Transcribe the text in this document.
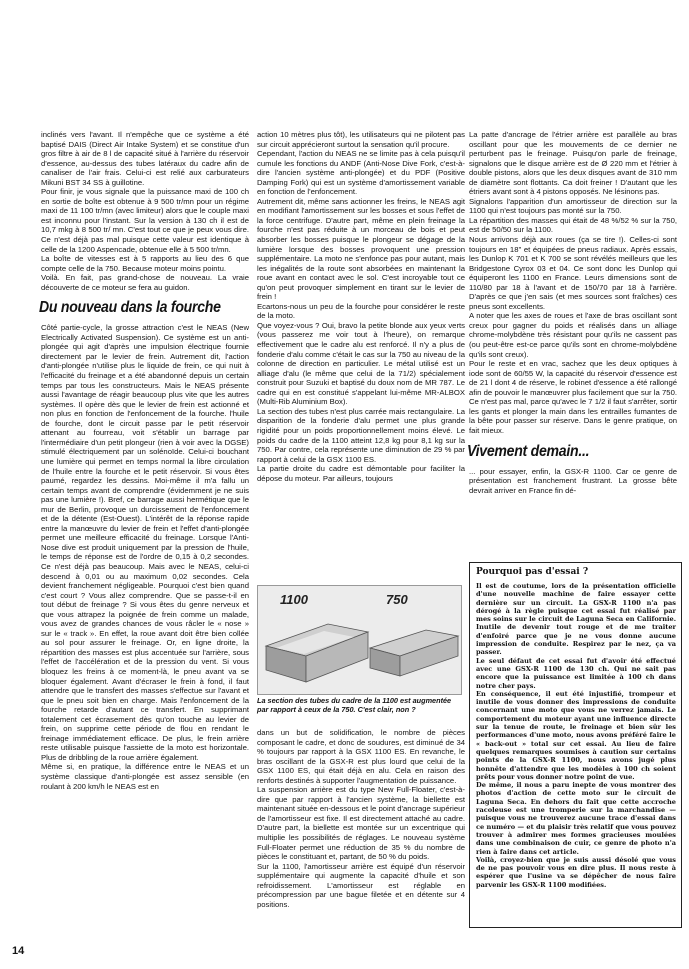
inclinés vers l'avant. Il n'empêche que ce système a été baptisé DAIS (Direct Air Intake System) et se constitue d'un gros filtre à air de 8 l de capacité situé à l'arrière du réservoir d'essence, au-dessus des tubes latéraux du cadre afin de canaliser de l'air frais. Celui-ci est relié aux carburateurs Mikuni BST 34 SS à guillotine.

Pour finir, je vous signale que la puissance maxi de 100 ch en sortie de boîte est obtenue à 9 500 tr/mn pour un régime maxi de 11 100 tr/mn (avec limiteur) alors que le couple maxi est inconnu pour l'instant. Sur la version à 130 ch il est de 10,7 mkg à 8 500 tr/ mn. C'est tout ce que je peux vous dire. Ce n'est déjà pas mal puisque cette valeur est identique à celle de la 1200 Aspencade, obtenue elle à 5 500 tr/mn.

La boîte de vitesses est à 5 rapports au lieu des 6 que compte celle de la 750. Because moteur moins pointu.

Voilà. En fait, pas grand-chose de nouveau. La vraie découverte de ce moteur se fera au guidon.

Du nouveau dans la fourche

Côté partie-cycle, la grosse attraction c'est le NEAS (New Electrically Activated Suspension). Ce système est un anti-plongée qui agit d'après une impulsion électrique fournie directement par le levier de frein. Autrement dit, l'action d'anti-plongée n'utilise plus le liquide de frein, ce qui nuit à l'efficacité du freinage et a été abandonné depuis un certain temps par tous les constructeurs. Mais le NEAS présente aussi l'avantage de réagir beaucoup plus vite que les autres systèmes. Il opère dès que le levier de frein est actionné et non plus en fonction de l'enfoncement de la fourche. l'huile de fourche, dont le circuit passe par le petit réservoir attenant au fourreau, voit s'établir un barrage par l'intermédiaire d'un petit plongeur (rien à voir avec la DGSE) stimulé électriquement par un solénoïde. Celui-ci bouchant une lumière qui permet en temps normal la libre circulation de l'huile entre la fourche et le petit réservoir. Si vous êtes paumé, regardez les dessins. Moi-même il m'a fallu un certain temps avant de comprendre (évidemment je ne suis pas une lumière !). Bref, ce barrage aussi hermétique que le mur de Berlin, provoque un durcissement de l'enfoncement et de la détente (Est-Ouest). L'intérêt de la réponse rapide entre la manœuvre du levier de frein et l'effet d'anti-plongée permet une meilleure efficacité du freinage. Lorsque l'Anti-Nose dive est produit uniquement par la pression de l'huile, le temps de réponse est de l'ordre de 0,15 à 0,2 secondes. Ce n'est déjà pas beaucoup. Mais avec le NEAS, celui-ci descend à 0,01 ou au maximum 0,02 secondes. Cela devient franchement négligeable. Pourquoi c'est bien quand c'est court ? Vous allez comprendre. Que se passe-t-il en tout début de freinage ? Si vous êtes du genre nerveux et que vous attrapez la poignée de frein comme un malade, vous avez de grandes chances de vous râcler le « nose » sur le « track ». En effet, la roue avant doit être bien collée au sol pour assurer le freinage. Or, en ligne droite, la répartition des masses est plus accentuée sur l'arrière, sous l'effet de l'accélération et de la pression du vent. Si vous bloquez les freins à ce moment-là, le pneu avant va se bloquer également. Avant d'écraser le frein à fond, il faut attendre que le transfert des masses s'effectue sur l'avant et que le pneu soit bien en charge. Mais l'enfoncement de la fourche retarde d'autant ce transfert. En supprimant totalement cet écrasement dès qu'on touche au levier de frein, on supprime cette période de flou en rendant le freinage immédiatement efficace. De plus, le frein arrière reste utilisable puisque l'assiette de la moto est horizontale. Plus de dribbling de la roue arrière également.

Même si, en pratique, la différence entre le NEAS et un système classique d'anti-plongée est assez sensible (en roulant à 200 km/h le NEAS est en

action 10 mètres plus tôt), les utilisateurs qui ne pilotent pas sur circuit apprécieront surtout la sensation qu'il procure.

Cependant, l'action du NEAS ne se limite pas à cela puisqu'il cumule les fonctions du ANDF (Anti-Nose Dive Fork, c'est-à-dire l'ancien système anti-plongée) et du PDF (Positive Damping Fork) qui est un système d'amortissement variable en fonction de l'enfoncement.

Autrement dit, même sans actionner les freins, le NEAS agit en modifiant l'amortissement sur les bosses et sous l'effet de la force centrifuge. D'autre part, même en plein freinage la fourche n'est pas réduite à un morceau de bois et peut absorber les bosses puisque le plongeur se dégage de la lumière lorsque des bosses provoquent une pression supplémentaire. La moto ne s'enfonce pas pour autant, mais les inégalités de la route sont absorbées en maintenant la roue avant en contact avec le sol. C'est incroyable tout ce qu'on peut provoquer simplement en tirant sur le levier de frein !

Ecartons-nous un peu de la fourche pour considérer le reste de la moto.

Que voyez-vous ? Oui, bravo la petite blonde aux yeux verts (vous passerez me voir tout à l'heure), on remarque effectivement que le cadre alu est renforcé. Il n'y a plus de fonderie d'alu comme c'était le cas sur la 750 au niveau de la colonne de direction en particulier. Le métal utilisé est un alliage d'alu (le même que celui de la 71/2) spécialement construit pour Suzuki et baptisé du doux nom de MR 787. Le cadre qui en est constitué s'appelant lui-même MR-ALBOX (Multi-Rib Aluminium Box).

La section des tubes n'est plus carrée mais rectangulaire. La disparition de la fonderie d'alu permet une plus grande rigidité pour un poids proportionnellement moins élevé. Le poids du cadre de la 1100 atteint 12,8 kg pour 8,1 kg sur la 750. Par contre, cela représente une diminution de 29 % par rapport à celui de la GSX 1100 ES.

La partie droite du cadre est démontable pour faciliter la dépose du moteur. Par ailleurs, toujours

1100	750
La section des tubes du cadre de la 1100 est augmentée par rapport à ceux de la 750. C'est clair, non ?

dans un but de solidification, le nombre de pièces composant le cadre, et donc de soudures, est diminué de 34 % toujours par rapport à la GSX 1100 ES. En revanche, le bras oscillant de la GSX-R est plus lourd que celui de la GSX 1100 ES, qui était déjà en alu. Cela en raison des renforts destinés à supporter l'augmentation de puissance.

La suspension arrière est du type New Full-Floater, c'est-à-dire que par rapport à l'ancien système, la biellette est maintenant située en-dessous et le point d'ancrage supérieur de l'amortisseur est fixe. Il est directement attaché au cadre. D'autre part, la biellette est montée sur un excentrique qui multiplie les possibilités de réglages. Le nouveau système Full-Floater permet une réduction de 35 % du nombre de pièces le constituant et, partant, de 50 % du poids.

Sur la 1100, l'amortisseur arrière est équipé d'un réservoir supplémentaire qui augmente la capacité d'huile et son refroidissement. L'amortisseur est réglable en précompression par une bague filetée et en détente sur 4 positions.

La patte d'ancrage de l'étrier arrière est parallèle au bras oscillant pour que les mouvements de ce dernier ne perturbent pas le freinage. Puisqu'on parle de freinage, signalons que le disque arrière est de Ø 220 mm et l'étrier à double pistons, alors que les deux disques avant de 310 mm de diamètre sont flottants. Ca doit freiner ! D'autant que les étriers avant sont à 4 pistons opposés. Ne lésinons pas.

Signalons l'apparition d'un amortisseur de direction sur la 1100 qui n'est toujours pas monté sur la 750.

La répartition des masses qui était de 48 %/52 % sur la 750, est de 50/50 sur la 1100.

Nous arrivons déjà aux roues (ça se tire !). Celles-ci sont toujours en 18'' et équipées de pneus radiaux. Après essais, les Dunlop K 701 et K 700 se sont révélés meilleurs que les Bridgestone Cyrox 03 et 04. Ce sont donc les Dunlop qui équiperont les 1100 en France. Leurs dimensions sont de 110/80 par 18 à l'avant et de 150/70 par 18 à l'arrière. D'après ce que j'en sais (et mes sources sont fraîches) ces pneus sont excellents.

A noter que les axes de roues et l'axe de bras oscillant sont creux pour gagner du poids et réalisés dans un alliage chrome-molybdène très résistant pour qu'ils ne cassent pas (ou peut-être est-ce parce qu'ils sont en chrome-molybdène qu'ils sont creux).

Pour le reste et en vrac, sachez que les deux optiques à iode sont de 60/55 W, la capacité du réservoir d'essence est de 21 l dont 4 de réserve, le robinet d'essence a été rallongé afin de pouvoir le manœuvrer plus facilement que sur la 750. Ce n'est pas mal, parce qu'avec le 7 1/2 il faut s'arrêter, sortir les gants et plonger la main dans les entrailles fumantes de la bête pour passer sur réserve. Dans le genre pratique, on fait mieux.

Vivement demain...

... pour essayer, enfin, la GSX-R 1100. Car ce genre de présentation est franchement frustrant. La grosse bête devrait arriver en France fin dé-

Pourquoi pas d'essai ?

Il est de coutume, lors de la présentation officielle d'une nouvelle machine de faire essayer cette dernière sur un circuit. La GSX-R 1100 n'a pas dérogé à la règle puisque cet essai fut réalisé par mes soins sur le circuit de Laguna Seca en Californie. Inutile de devenir tout rouge et de me traiter d'enfoiré parce que je ne vous donne aucune impression de conduite. Respirez par le nez, ça va passer.

Le seul défaut de cet essai fut d'avoir été effectué avec une GSX-R 1100 de 130 ch. Qui ne sait pas encore que la puissance est limitée à 100 ch dans notre cher pays.

En conséquence, il eut été injustifié, trompeur et inutile de vous donner des impressions de conduite concernant une moto que vous ne verrez jamais. Le comportement du moteur ayant une influence directe sur la tenue de route, le freinage et bien sûr les performances d'une moto, nous avons préféré faire le « back-out » total sur cet essai. Au lieu de faire quelques remarques soumises à caution sur certains points de la GSX-R 1100, nous avons jugé plus honnête d'attendre que les modèles à 100 ch soient prêts pour vous donner notre point de vue.

De même, il nous a paru inepte de vous montrer des photos d'action de cette moto sur le circuit de Laguna Seca. En dehors du fait que cette accroche racoleuse est une tromperie sur la marchandise — puisque vous ne trouverez aucune trace d'essai dans ce numéro — et du plaisir très relatif que vous pouvez trouver à admirer mes formes gracieuses moulées dans une combinaison de cuir, ce genre de photo n'a rien à faire dans cet article.

Voilà, croyez-bien que je suis aussi désolé que vous de ne pas pouvoir vous en dire plus. Il nous reste à espérer que l'usine va se dépêcher de nous faire parvenir les GSX-R 1100 modifiées.

14
